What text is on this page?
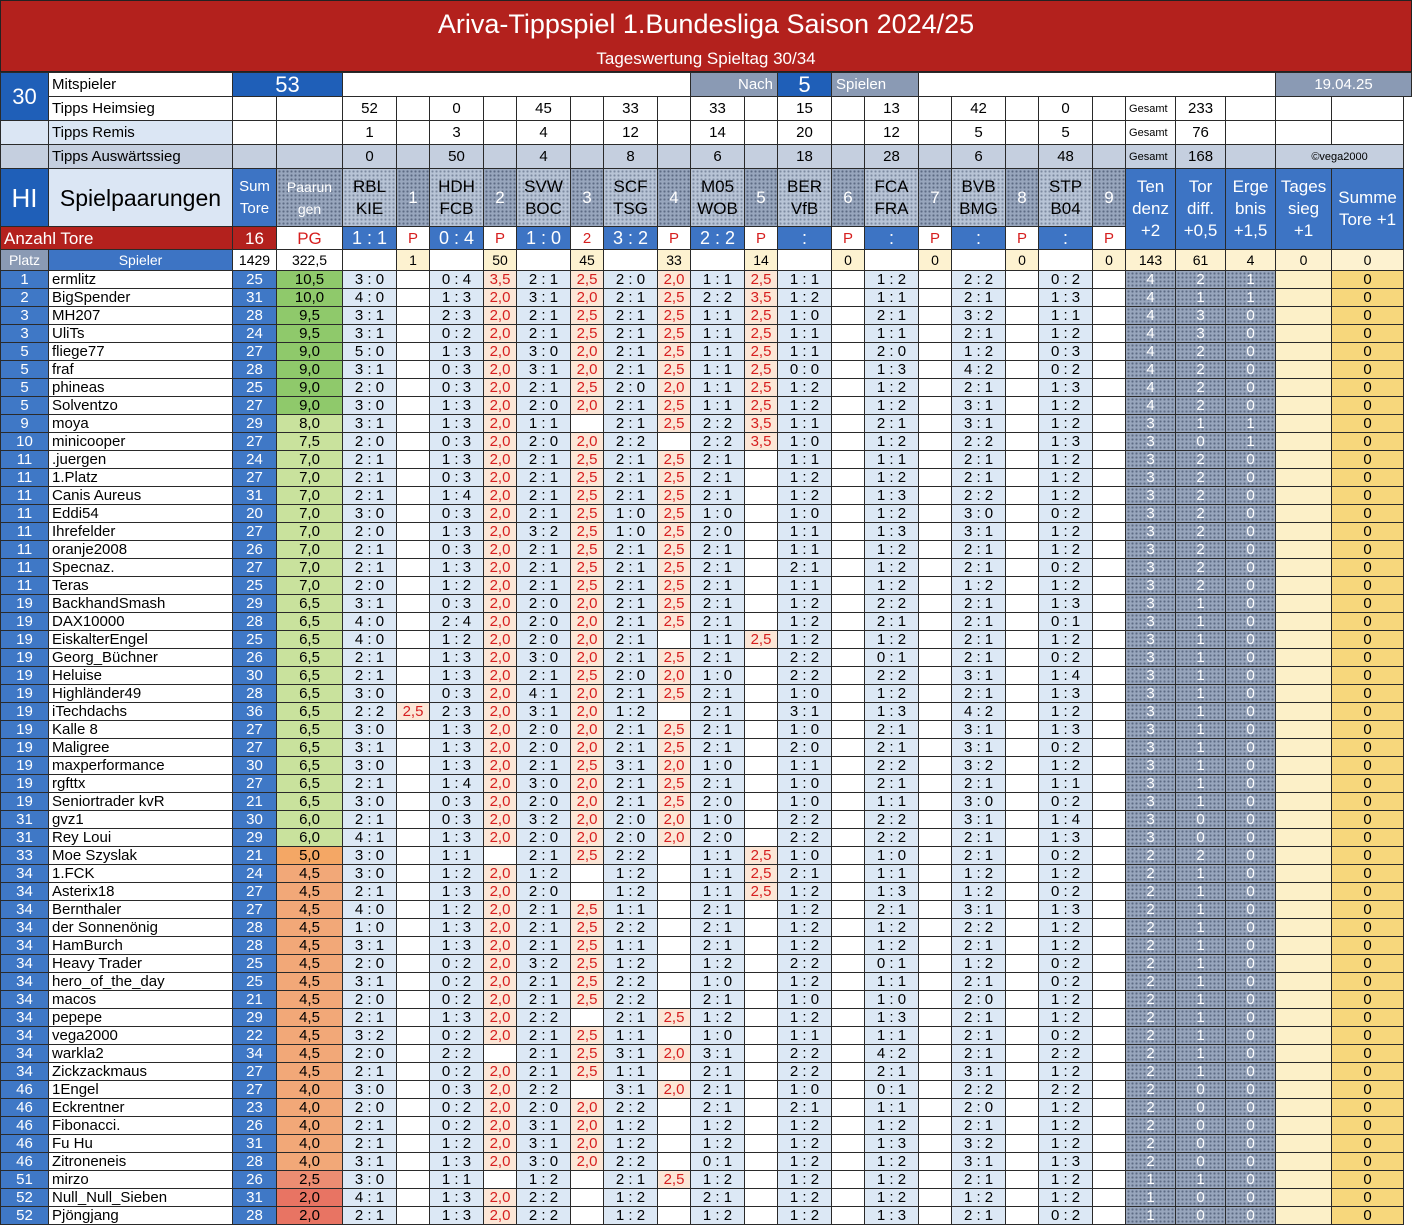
Ariva-Tippspiel 1.Bundesliga Saison 2024/25
Tageswertung Spieltag 30/34
30	Mitspieler	53										Nach		5	Spielen										19.04.25	
	Tipps Heimsieg			52		0		45		33		33		15		13		42		0		Gesamt	233			
	Tipps Remis			1		3		4		12		14		20		12		5		5		Gesamt	76			
	Tipps Auswärtssieg			0		50		4		8		6		18		28		6		48		Gesamt	168		©vega2000	
HI	Spielpaarungen	Sum Tore	Paarun gen	RBL KIE	1	HDH FCB	2	SVW BOC	3	SCF TSG	4	M05 WOB	5	BER VfB	6	FCA FRA	7	BVB BMG	8	STP B04	9	Ten denz +2	Tor diff. +0,5	Erge bnis +1,5	Tages sieg +1	Summe Tore +1
Anzahl Tore		16	PG	1 : 1	P	0 : 4	P	1 : 0	2	3 : 2	P	2 : 2	P	:	P	:	P	:	P	:	P					
Platz	Spieler	1429	322,5		1		50		45		33		14		0		0		0		0	143	61	4	0	0
1	ermlitz	25	10,5	3 : 0		0 : 4	3,5	2 : 1	2,5	2 : 0	2,0	1 : 1	2,5	1 : 1		1 : 2		2 : 2		0 : 2		4	2	1		0
2	BigSpender	31	10,0	4 : 0		1 : 3	2,0	3 : 1	2,0	2 : 1	2,5	2 : 2	3,5	1 : 2		1 : 1		2 : 1		1 : 3		4	1	1		0
3	MH207	28	9,5	3 : 1		2 : 3	2,0	2 : 1	2,5	2 : 1	2,5	1 : 1	2,5	1 : 0		2 : 1		3 : 2		1 : 1		4	3	0		0
3	UliTs	24	9,5	3 : 1		0 : 2	2,0	2 : 1	2,5	2 : 1	2,5	1 : 1	2,5	1 : 1		1 : 1		2 : 1		1 : 2		4	3	0		0
5	fliege77	27	9,0	5 : 0		1 : 3	2,0	3 : 0	2,0	2 : 1	2,5	1 : 1	2,5	1 : 1		2 : 0		1 : 2		0 : 3		4	2	0		0
5	fraf	28	9,0	3 : 1		0 : 3	2,0	3 : 1	2,0	2 : 1	2,5	1 : 1	2,5	0 : 0		1 : 3		4 : 2		0 : 2		4	2	0		0
5	phineas	25	9,0	2 : 0		0 : 3	2,0	2 : 1	2,5	2 : 0	2,0	1 : 1	2,5	1 : 2		1 : 2		2 : 1		1 : 3		4	2	0		0
5	Solventzo	27	9,0	3 : 0		1 : 3	2,0	2 : 0	2,0	2 : 1	2,5	1 : 1	2,5	1 : 2		1 : 2		3 : 1		1 : 2		4	2	0		0
9	moya	29	8,0	3 : 1		1 : 3	2,0	1 : 1		2 : 1	2,5	2 : 2	3,5	1 : 1		2 : 1		3 : 1		1 : 2		3	1	1		0
10	minicooper	27	7,5	2 : 0		0 : 3	2,0	2 : 0	2,0	2 : 2		2 : 2	3,5	1 : 0		1 : 2		2 : 2		1 : 3		3	0	1		0
11	.juergen	24	7,0	2 : 1		1 : 3	2,0	2 : 1	2,5	2 : 1	2,5	2 : 1		1 : 1		1 : 1		2 : 1		1 : 2		3	2	0		0
11	1.Platz	27	7,0	2 : 1		0 : 3	2,0	2 : 1	2,5	2 : 1	2,5	2 : 1		1 : 2		1 : 2		2 : 1		1 : 2		3	2	0		0
11	Canis Aureus	31	7,0	2 : 1		1 : 4	2,0	2 : 1	2,5	2 : 1	2,5	2 : 1		1 : 2		1 : 3		2 : 2		1 : 2		3	2	0		0
11	Eddi54	20	7,0	3 : 0		0 : 3	2,0	2 : 1	2,5	1 : 0	2,5	1 : 0		1 : 0		1 : 2		3 : 0		0 : 2		3	2	0		0
11	Ihrefelder	27	7,0	2 : 0		1 : 3	2,0	3 : 2	2,5	1 : 0	2,5	2 : 0		1 : 1		1 : 3		3 : 1		1 : 2		3	2	0		0
11	oranje2008	26	7,0	2 : 1		0 : 3	2,0	2 : 1	2,5	2 : 1	2,5	2 : 1		1 : 1		1 : 2		2 : 1		1 : 2		3	2	0		0
11	Specnaz.	27	7,0	2 : 1		1 : 3	2,0	2 : 1	2,5	2 : 1	2,5	2 : 1		2 : 1		1 : 2		2 : 1		0 : 2		3	2	0		0
11	Teras	25	7,0	2 : 0		1 : 2	2,0	2 : 1	2,5	2 : 1	2,5	2 : 1		1 : 1		1 : 2		1 : 2		1 : 2		3	2	0		0
19	BackhandSmash	29	6,5	3 : 1		0 : 3	2,0	2 : 0	2,0	2 : 1	2,5	2 : 1		1 : 2		2 : 2		2 : 1		1 : 3		3	1	0		0
19	DAX10000	28	6,5	4 : 0		2 : 4	2,0	2 : 0	2,0	2 : 1	2,5	2 : 1		1 : 2		2 : 1		2 : 1		0 : 1		3	1	0		0
19	EiskalterEngel	25	6,5	4 : 0		1 : 2	2,0	2 : 0	2,0	2 : 1		1 : 1	2,5	1 : 2		1 : 2		2 : 1		1 : 2		3	1	0		0
19	Georg_Büchner	26	6,5	2 : 1		1 : 3	2,0	3 : 0	2,0	2 : 1	2,5	2 : 1		2 : 2		0 : 1		2 : 1		0 : 2		3	1	0		0
19	Heluise	30	6,5	2 : 1		1 : 3	2,0	2 : 1	2,5	2 : 0	2,0	1 : 0		2 : 2		2 : 2		3 : 1		1 : 4		3	1	0		0
19	Highländer49	28	6,5	3 : 0		0 : 3	2,0	4 : 1	2,0	2 : 1	2,5	2 : 1		1 : 0		1 : 2		2 : 1		1 : 3		3	1	0		0
19	iTechdachs	36	6,5	2 : 2	2,5	2 : 3	2,0	3 : 1	2,0	1 : 2		2 : 1		3 : 1		1 : 3		4 : 2		1 : 2		3	1	0		0
19	Kalle 8	27	6,5	3 : 0		1 : 3	2,0	2 : 0	2,0	2 : 1	2,5	2 : 1		1 : 0		2 : 1		3 : 1		1 : 3		3	1	0		0
19	Maligree	27	6,5	3 : 1		1 : 3	2,0	2 : 0	2,0	2 : 1	2,5	2 : 1		2 : 0		2 : 1		3 : 1		0 : 2		3	1	0		0
19	maxperformance	30	6,5	3 : 0		1 : 3	2,0	2 : 1	2,5	3 : 1	2,0	1 : 0		1 : 1		2 : 2		3 : 2		1 : 2		3	1	0		0
19	rgfttx	27	6,5	2 : 1		1 : 4	2,0	3 : 0	2,0	2 : 1	2,5	2 : 1		1 : 0		2 : 1		2 : 1		1 : 1		3	1	0		0
19	Seniortrader kvR	21	6,5	3 : 0		0 : 3	2,0	2 : 0	2,0	2 : 1	2,5	2 : 0		1 : 0		1 : 1		3 : 0		0 : 2		3	1	0		0
31	gvz1	30	6,0	2 : 1		0 : 3	2,0	3 : 2	2,0	2 : 0	2,0	1 : 0		2 : 2		2 : 2		3 : 1		1 : 4		3	0	0		0
31	Rey Loui	29	6,0	4 : 1		1 : 3	2,0	2 : 0	2,0	2 : 0	2,0	2 : 0		2 : 2		2 : 2		2 : 1		1 : 3		3	0	0		0
33	Moe Szyslak	21	5,0	3 : 0		1 : 1		2 : 1	2,5	2 : 2		1 : 1	2,5	1 : 0		1 : 0		2 : 1		0 : 2		2	2	0		0
34	1.FCK	24	4,5	3 : 0		1 : 2	2,0	1 : 2		1 : 2		1 : 1	2,5	2 : 1		1 : 1		1 : 2		1 : 2		2	1	0		0
34	Asterix18	27	4,5	2 : 1		1 : 3	2,0	2 : 0		1 : 2		1 : 1	2,5	1 : 2		1 : 3		1 : 2		0 : 2		2	1	0		0
34	Bernthaler	27	4,5	4 : 0		1 : 2	2,0	2 : 1	2,5	1 : 1		2 : 1		1 : 2		2 : 1		3 : 1		1 : 3		2	1	0		0
34	der Sonnenönig	28	4,5	1 : 0		1 : 3	2,0	2 : 1	2,5	2 : 2		2 : 1		1 : 2		1 : 2		2 : 2		1 : 2		2	1	0		0
34	HamBurch	28	4,5	3 : 1		1 : 3	2,0	2 : 1	2,5	1 : 1		2 : 1		1 : 2		1 : 2		2 : 1		1 : 2		2	1	0		0
34	Heavy Trader	25	4,5	2 : 0		0 : 2	2,0	3 : 2	2,5	1 : 2		1 : 2		2 : 2		0 : 1		1 : 2		0 : 2		2	1	0		0
34	hero_of_the_day	25	4,5	3 : 1		0 : 2	2,0	2 : 1	2,5	2 : 2		1 : 0		1 : 2		1 : 1		2 : 1		0 : 2		2	1	0		0
34	macos	21	4,5	2 : 0		0 : 2	2,0	2 : 1	2,5	2 : 2		2 : 1		1 : 0		1 : 0		2 : 0		1 : 2		2	1	0		0
34	pepepe	29	4,5	2 : 1		1 : 3	2,0	2 : 2		2 : 1	2,5	1 : 2		1 : 2		1 : 3		2 : 1		1 : 2		2	1	0		0
34	vega2000	22	4,5	3 : 2		0 : 2	2,0	2 : 1	2,5	1 : 1		1 : 0		1 : 1		1 : 1		2 : 1		0 : 2		2	1	0		0
34	warkla2	34	4,5	2 : 0		2 : 2		2 : 1	2,5	3 : 1	2,0	3 : 1		2 : 2		4 : 2		2 : 1		2 : 2		2	1	0		0
34	Zickzackmaus	27	4,5	2 : 1		0 : 2	2,0	2 : 1	2,5	1 : 1		2 : 1		2 : 2		2 : 1		3 : 1		1 : 2		2	1	0		0
46	1Engel	27	4,0	3 : 0		0 : 3	2,0	2 : 2		3 : 1	2,0	2 : 1		1 : 0		0 : 1		2 : 2		2 : 2		2	0	0		0
46	Eckrentner	23	4,0	2 : 0		0 : 2	2,0	2 : 0	2,0	2 : 2		2 : 1		2 : 1		1 : 1		2 : 0		1 : 2		2	0	0		0
46	Fibonacci.	26	4,0	2 : 1		0 : 2	2,0	3 : 1	2,0	1 : 2		1 : 2		1 : 2		1 : 2		2 : 1		1 : 2		2	0	0		0
46	Fu Hu	31	4,0	2 : 1		1 : 2	2,0	3 : 1	2,0	1 : 2		1 : 2		1 : 2		1 : 3		3 : 2		1 : 2		2	0	0		0
46	Zitroneneis	28	4,0	3 : 1		1 : 3	2,0	3 : 0	2,0	2 : 2		0 : 1		1 : 2		1 : 2		3 : 1		1 : 3		2	0	0		0
51	mirzo	26	2,5	3 : 0		1 : 1		1 : 2		2 : 1	2,5	1 : 2		1 : 2		1 : 2		2 : 1		1 : 2		1	1	0		0
52	Null_Null_Sieben	31	2,0	4 : 1		1 : 3	2,0	2 : 2		1 : 2		2 : 1		1 : 2		1 : 2		1 : 2		1 : 2		1	0	0		0
52	Pjöngjang	28	2,0	2 : 1		1 : 3	2,0	2 : 2		1 : 2		1 : 2		1 : 2		1 : 3		2 : 1		0 : 2		1	0	0		0
